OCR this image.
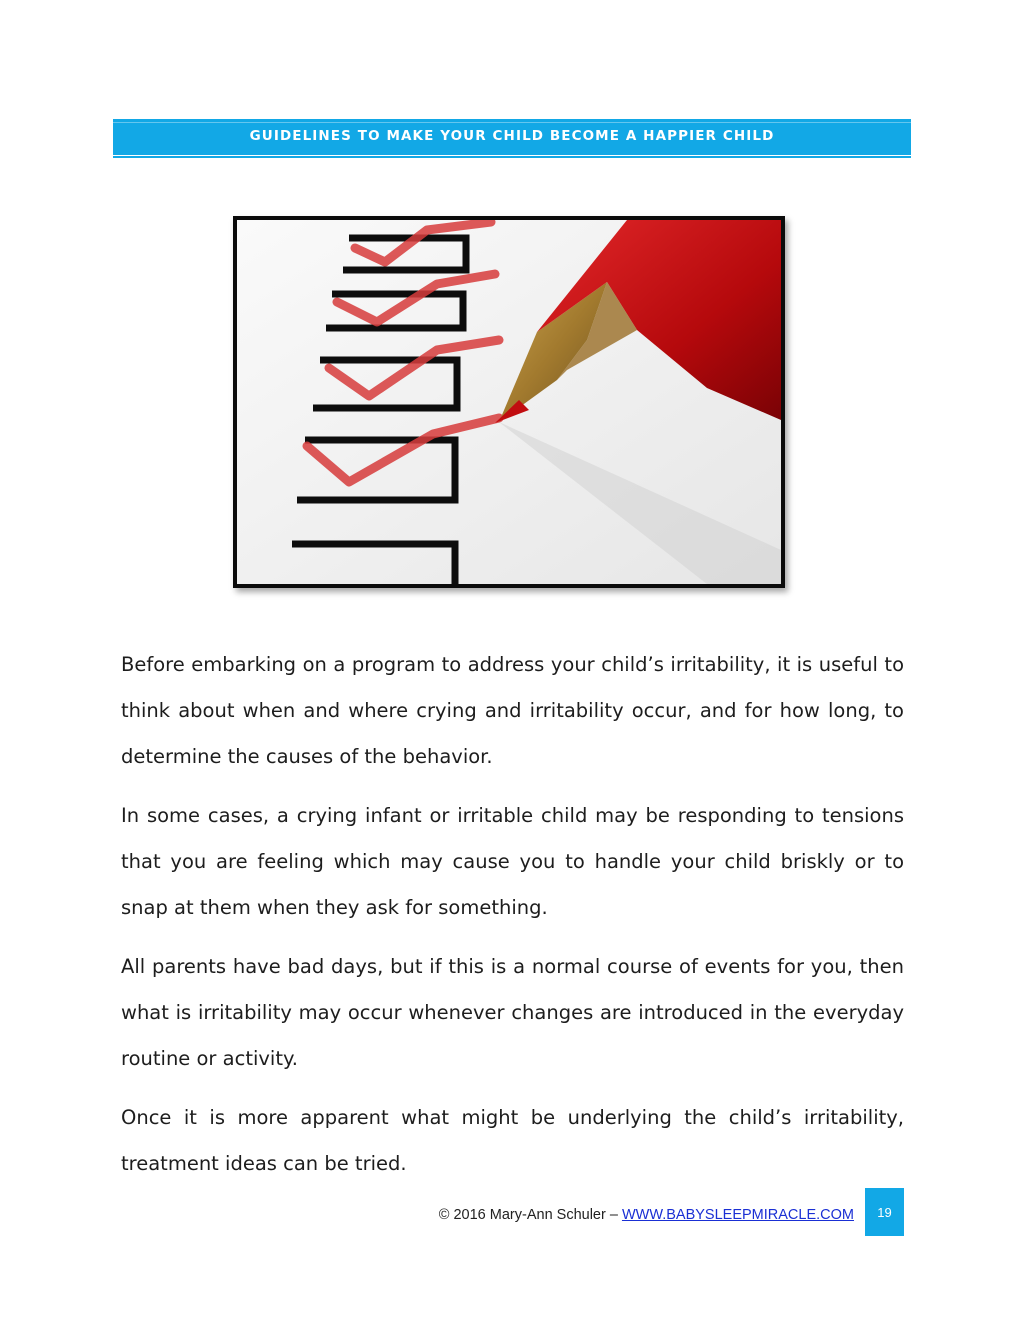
GUIDELINES TO MAKE YOUR CHILD BECOME A HAPPIER CHILD

Before embarking on a program to address your child’s irritability, it is useful to think about when and where crying and irritability occur, and for how long, to determine the causes of the behavior.

In some cases, a crying infant or irritable child may be responding to tensions that you are feeling which may cause you to handle your child briskly or to snap at them when they ask for something.

All parents have bad days, but if this is a normal course of events for you, then what is irritability may occur whenever changes are introduced in the everyday routine or activity.

Once it is more apparent what might be underlying the child’s irritability, treatment ideas can be tried.

© 2016 Mary-Ann Schuler – WWW.BABYSLEEPMIRACLE.COM 19
